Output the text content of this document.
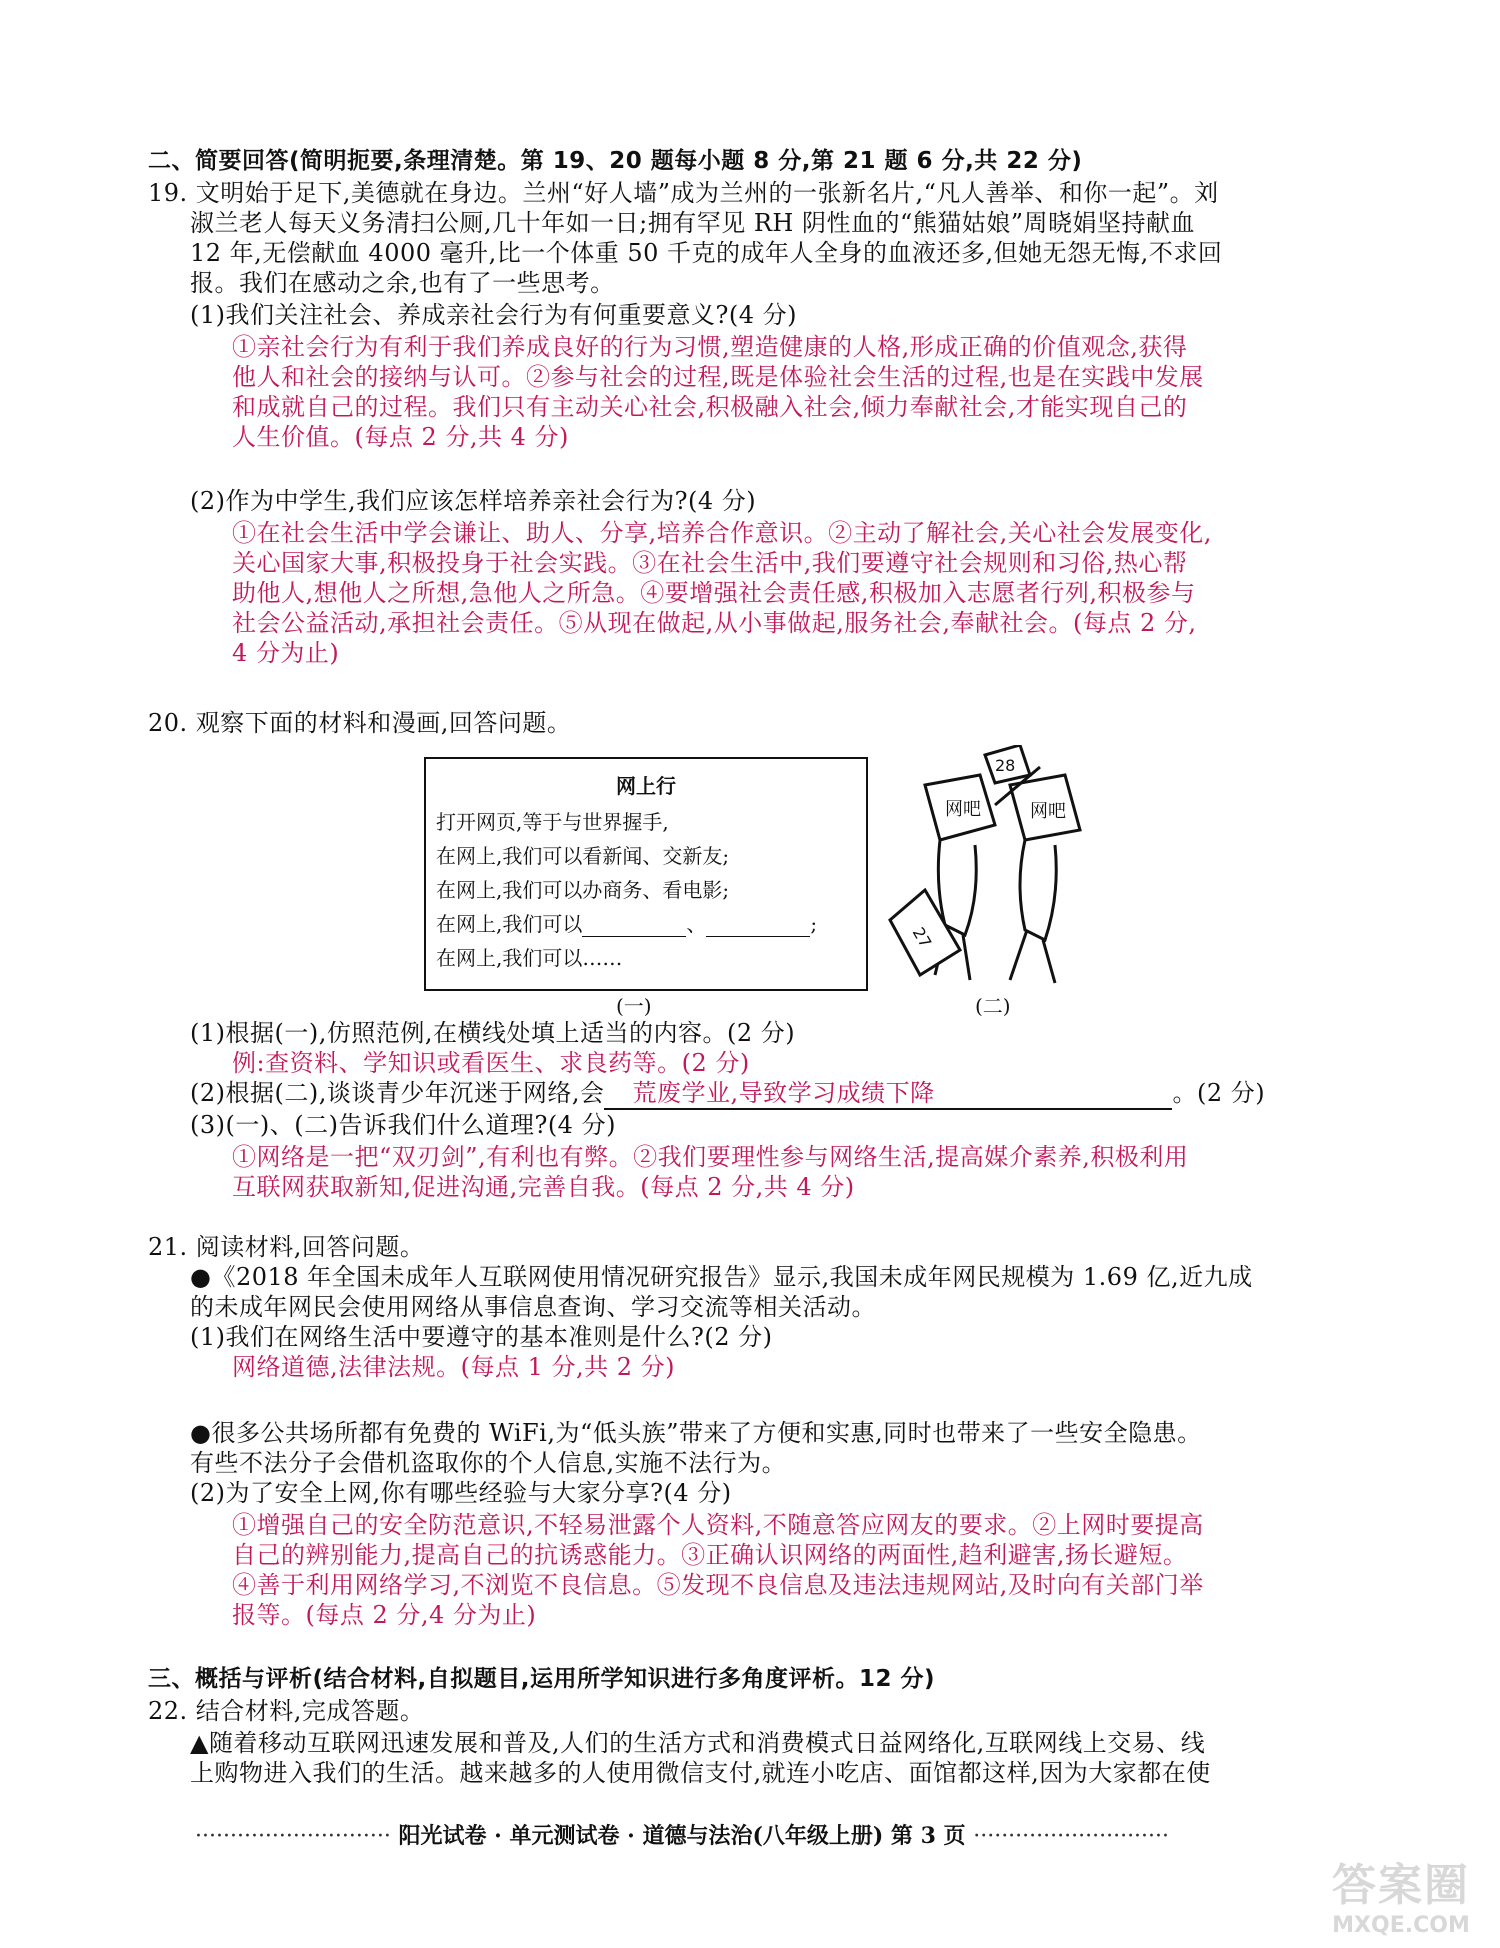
二、简要回答(简明扼要,条理清楚。第 19、20 题每小题 8 分,第 21 题 6 分,共 22 分)
19. 文明始于足下,美德就在身边。兰州“好人墙”成为兰州的一张新名片,“凡人善举、和你一起”。刘
淑兰老人每天义务清扫公厕,几十年如一日;拥有罕见 RH 阴性血的“熊猫姑娘”周晓娟坚持献血
12 年,无偿献血 4000 毫升,比一个体重 50 千克的成年人全身的血液还多,但她无怨无悔,不求回
报。我们在感动之余,也有了一些思考。
(1)我们关注社会、养成亲社会行为有何重要意义?(4 分)
①亲社会行为有利于我们养成良好的行为习惯,塑造健康的人格,形成正确的价值观念,获得
他人和社会的接纳与认可。②参与社会的过程,既是体验社会生活的过程,也是在实践中发展
和成就自己的过程。我们只有主动关心社会,积极融入社会,倾力奉献社会,才能实现自己的
人生价值。(每点 2 分,共 4 分)
(2)作为中学生,我们应该怎样培养亲社会行为?(4 分)
①在社会生活中学会谦让、助人、分享,培养合作意识。②主动了解社会,关心社会发展变化,
关心国家大事,积极投身于社会实践。③在社会生活中,我们要遵守社会规则和习俗,热心帮
助他人,想他人之所想,急他人之所急。④要增强社会责任感,积极加入志愿者行列,积极参与
社会公益活动,承担社会责任。⑤从现在做起,从小事做起,服务社会,奉献社会。(每点 2 分,
4 分为止)
20. 观察下面的材料和漫画,回答问题。
网上行
打开网页,等于与世界握手,
在网上,我们可以看新闻、交新友;
在网上,我们可以办商务、看电影;
在网上,我们可以	、	;
在网上,我们可以……
(一)
网吧	网吧
28
27
(二)
(1)根据(一),仿照范例,在横线处填上适当的内容。(2 分)
例:查资料、学知识或看医生、求良药等。(2 分)
(2)根据(二),谈谈青少年沉迷于网络,会 荒废学业,导致学习成绩下降	。(2 分)
(3)(一)、(二)告诉我们什么道理?(4 分)
①网络是一把“双刃剑”,有利也有弊。②我们要理性参与网络生活,提高媒介素养,积极利用
互联网获取新知,促进沟通,完善自我。(每点 2 分,共 4 分)
21. 阅读材料,回答问题。
●《2018 年全国未成年人互联网使用情况研究报告》显示,我国未成年网民规模为 1.69 亿,近九成
的未成年网民会使用网络从事信息查询、学习交流等相关活动。
(1)我们在网络生活中要遵守的基本准则是什么?(2 分)
网络道德,法律法规。(每点 1 分,共 2 分)
●很多公共场所都有免费的 WiFi,为“低头族”带来了方便和实惠,同时也带来了一些安全隐患。
有些不法分子会借机盗取你的个人信息,实施不法行为。
(2)为了安全上网,你有哪些经验与大家分享?(4 分)
①增强自己的安全防范意识,不轻易泄露个人资料,不随意答应网友的要求。②上网时要提高
自己的辨别能力,提高自己的抗诱惑能力。③正确认识网络的两面性,趋利避害,扬长避短。
④善于利用网络学习,不浏览不良信息。⑤发现不良信息及违法违规网站,及时向有关部门举
报等。(每点 2 分,4 分为止)
三、概括与评析(结合材料,自拟题目,运用所学知识进行多角度评析。12 分)
22. 结合材料,完成答题。
▲随着移动互联网迅速发展和普及,人们的生活方式和消费模式日益网络化,互联网线上交易、线
上购物进入我们的生活。越来越多的人使用微信支付,就连小吃店、面馆都这样,因为大家都在使
···························· 阳光试卷 · 单元测试卷 · 道德与法治(八年级上册) 第 3 页 ····························
答案圈
MXQE.COM
